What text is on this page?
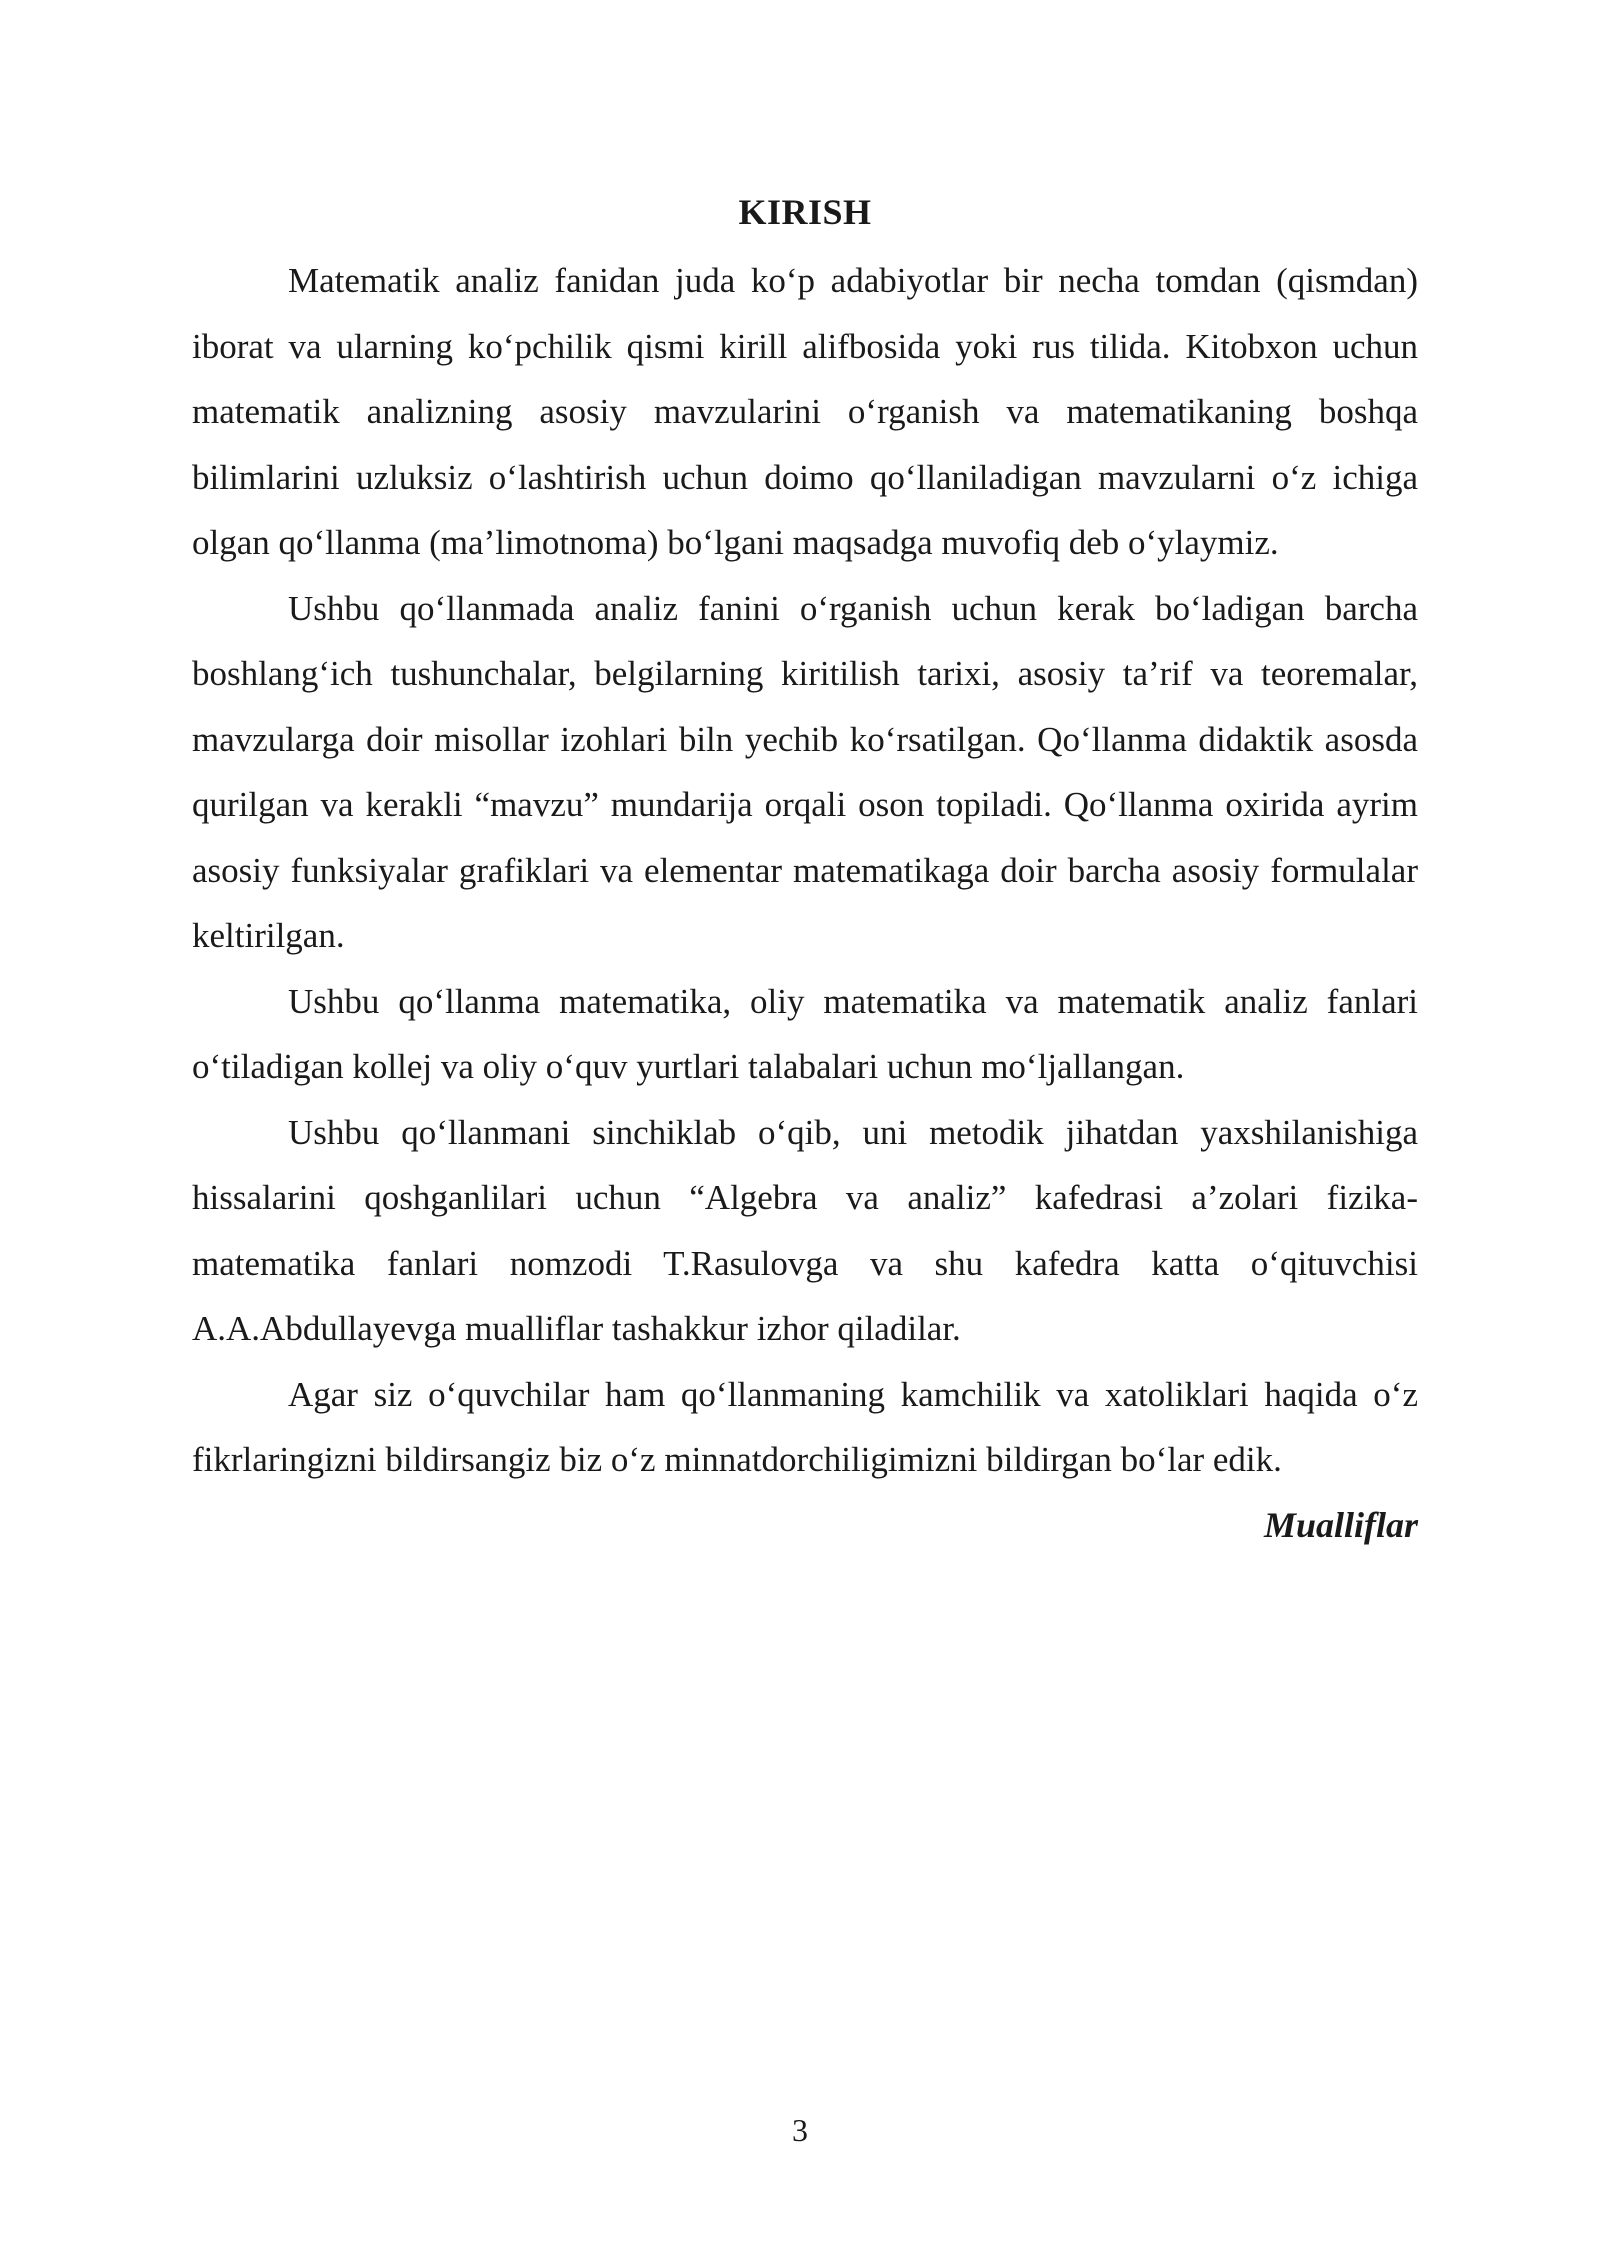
KIRISH

Matematik analiz fanidan juda koʻp adabiyotlar bir necha tomdan (qismdan) iborat va ularning koʻpchilik qismi kirill alifbosida yoki rus tilida. Kitobxon uchun matematik analizning asosiy mavzularini oʻrganish va matematikaning boshqa bilimlarini uzluksiz oʻlashtirish uchun doimo qoʻllaniladigan mavzularni oʻz ichiga olgan qoʻllanma (ma’limotnoma) boʻlgani maqsadga muvofiq deb oʻylaymiz.

Ushbu qoʻllanmada analiz fanini oʻrganish uchun kerak boʻladigan barcha boshlangʻich tushunchalar, belgilarning kiritilish tarixi, asosiy ta’rif va teoremalar, mavzularga doir misollar izohlari biln yechib koʻrsatilgan. Qoʻllanma didaktik asosda qurilgan va kerakli “mavzu” mundarija orqali oson topiladi. Qoʻllanma oxirida ayrim asosiy funksiyalar grafiklari va elementar matematikaga doir barcha asosiy formulalar keltirilgan.

Ushbu qoʻllanma matematika, oliy matematika va matematik analiz fanlari oʻtiladigan kollej va oliy oʻquv yurtlari talabalari uchun moʻljallangan.

Ushbu qoʻllanmani sinchiklab oʻqib, uni metodik jihatdan yaxshilanishiga hissalarini qoshganlilari uchun “Algebra va analiz” kafedrasi a’zolari fizika-matematika fanlari nomzodi T.Rasulovga va shu kafedra katta oʻqituvchisi A.A.Abdullayevga mualliflar tashakkur izhor qiladilar.

Agar siz oʻquvchilar ham qoʻllanmaning kamchilik va xatoliklari haqida oʻz fikrlaringizni bildirsangiz biz oʻz minnatdorchiligimizni bildirgan boʻlar edik.

Mualliflar

3
